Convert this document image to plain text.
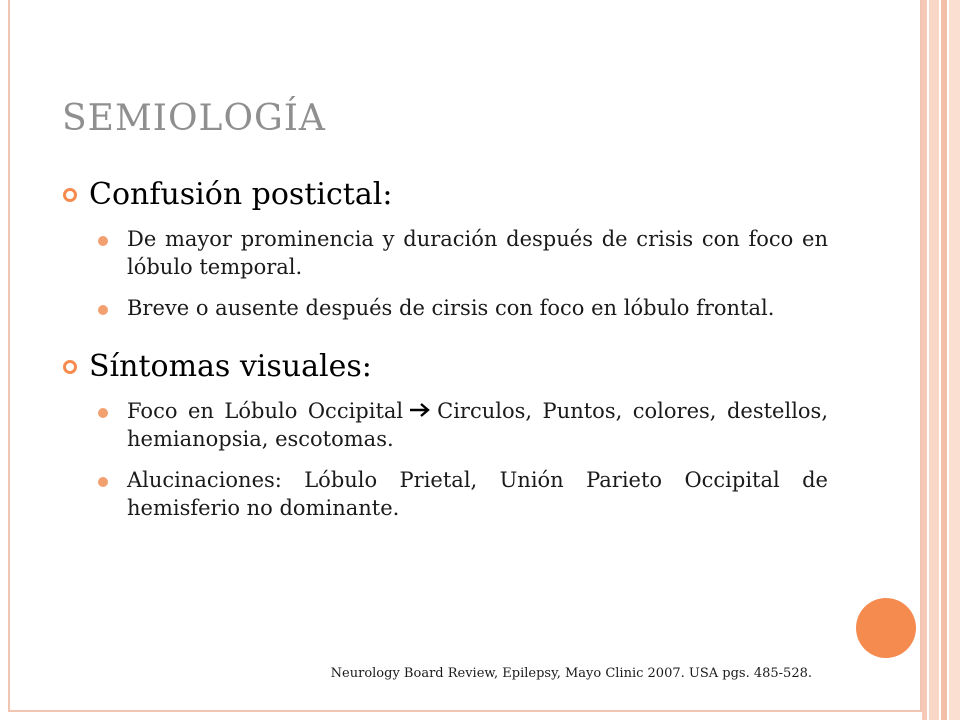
SEMIOLOGÍA
Confusión postictal:
De mayor prominencia y duración después de crisis con foco en lóbulo temporal.
Breve o ausente después de cirsis con foco en lóbulo frontal.
Síntomas visuales:
Foco en Lóbulo Occipital Circulos, Puntos, colores, destellos, hemianopsia, escotomas.
Alucinaciones: Lóbulo Prietal, Unión Parieto Occipital de hemisferio no dominante.
Neurology Board Review, Epilepsy, Mayo Clinic 2007. USA pgs. 485-528.
